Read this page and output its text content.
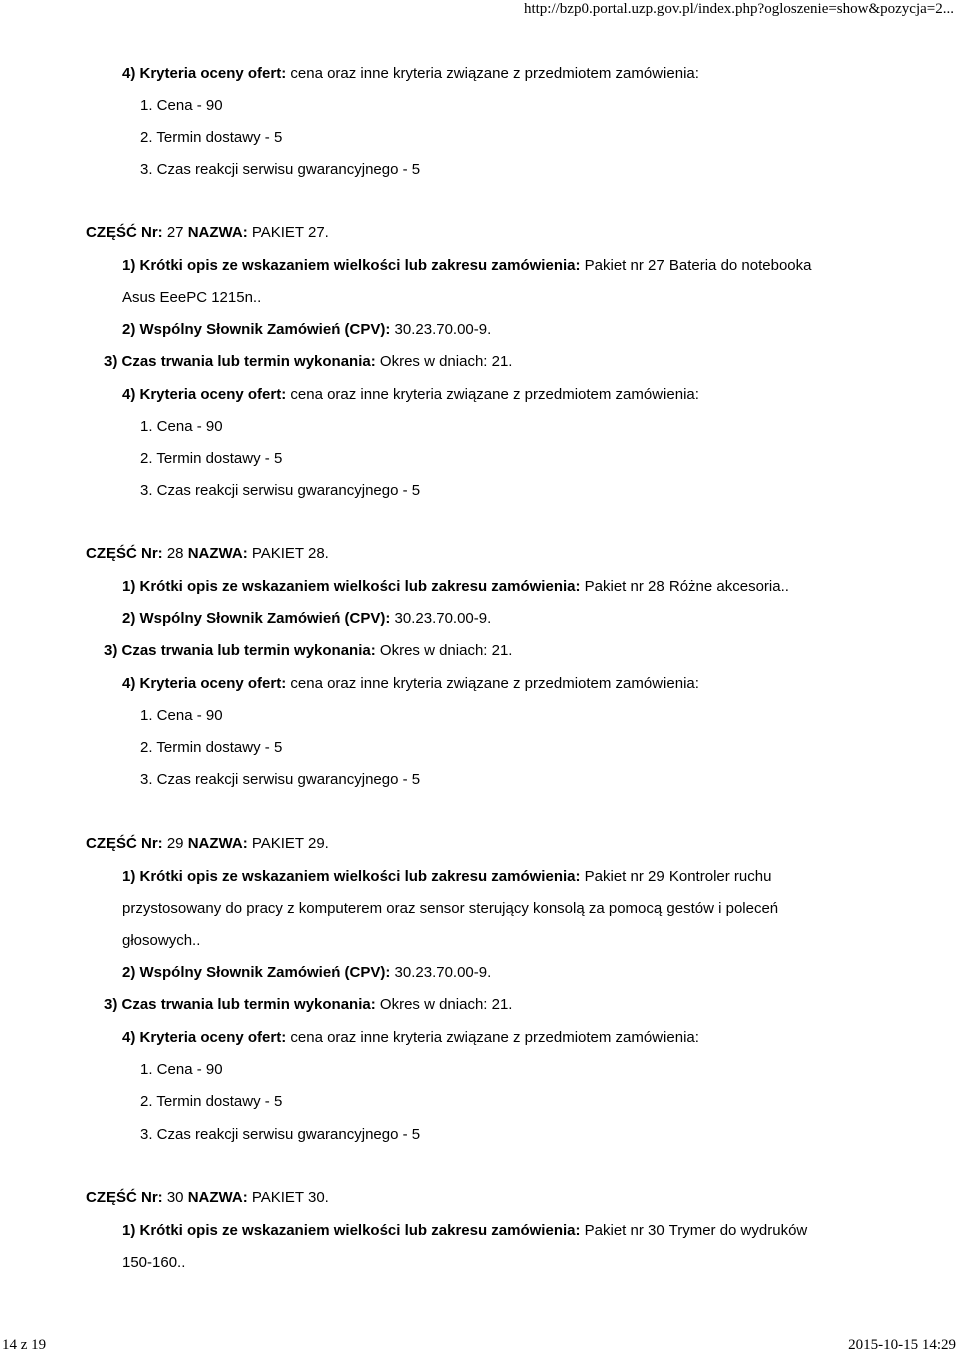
http://bzp0.portal.uzp.gov.pl/index.php?ogloszenie=show&pozycja=2...
4) Kryteria oceny ofert: cena oraz inne kryteria związane z przedmiotem zamówienia:
1. Cena - 90
2. Termin dostawy - 5
3. Czas reakcji serwisu gwarancyjnego - 5
CZĘŚĆ Nr: 27 NAZWA: PAKIET 27.
1) Krótki opis ze wskazaniem wielkości lub zakresu zamówienia: Pakiet nr 27 Bateria do notebooka
Asus EeePC 1215n..
2) Wspólny Słownik Zamówień (CPV): 30.23.70.00-9.
3) Czas trwania lub termin wykonania: Okres w dniach: 21.
4) Kryteria oceny ofert: cena oraz inne kryteria związane z przedmiotem zamówienia:
1. Cena - 90
2. Termin dostawy - 5
3. Czas reakcji serwisu gwarancyjnego - 5
CZĘŚĆ Nr: 28 NAZWA: PAKIET 28.
1) Krótki opis ze wskazaniem wielkości lub zakresu zamówienia: Pakiet nr 28 Różne akcesoria..
2) Wspólny Słownik Zamówień (CPV): 30.23.70.00-9.
3) Czas trwania lub termin wykonania: Okres w dniach: 21.
4) Kryteria oceny ofert: cena oraz inne kryteria związane z przedmiotem zamówienia:
1. Cena - 90
2. Termin dostawy - 5
3. Czas reakcji serwisu gwarancyjnego - 5
CZĘŚĆ Nr: 29 NAZWA: PAKIET 29.
1) Krótki opis ze wskazaniem wielkości lub zakresu zamówienia: Pakiet nr 29 Kontroler ruchu
przystosowany do pracy z komputerem oraz sensor sterujący konsolą za pomocą gestów i poleceń
głosowych..
2) Wspólny Słownik Zamówień (CPV): 30.23.70.00-9.
3) Czas trwania lub termin wykonania: Okres w dniach: 21.
4) Kryteria oceny ofert: cena oraz inne kryteria związane z przedmiotem zamówienia:
1. Cena - 90
2. Termin dostawy - 5
3. Czas reakcji serwisu gwarancyjnego - 5
CZĘŚĆ Nr: 30 NAZWA: PAKIET 30.
1) Krótki opis ze wskazaniem wielkości lub zakresu zamówienia: Pakiet nr 30 Trymer do wydruków
150-160..
14 z 19	2015-10-15 14:29
